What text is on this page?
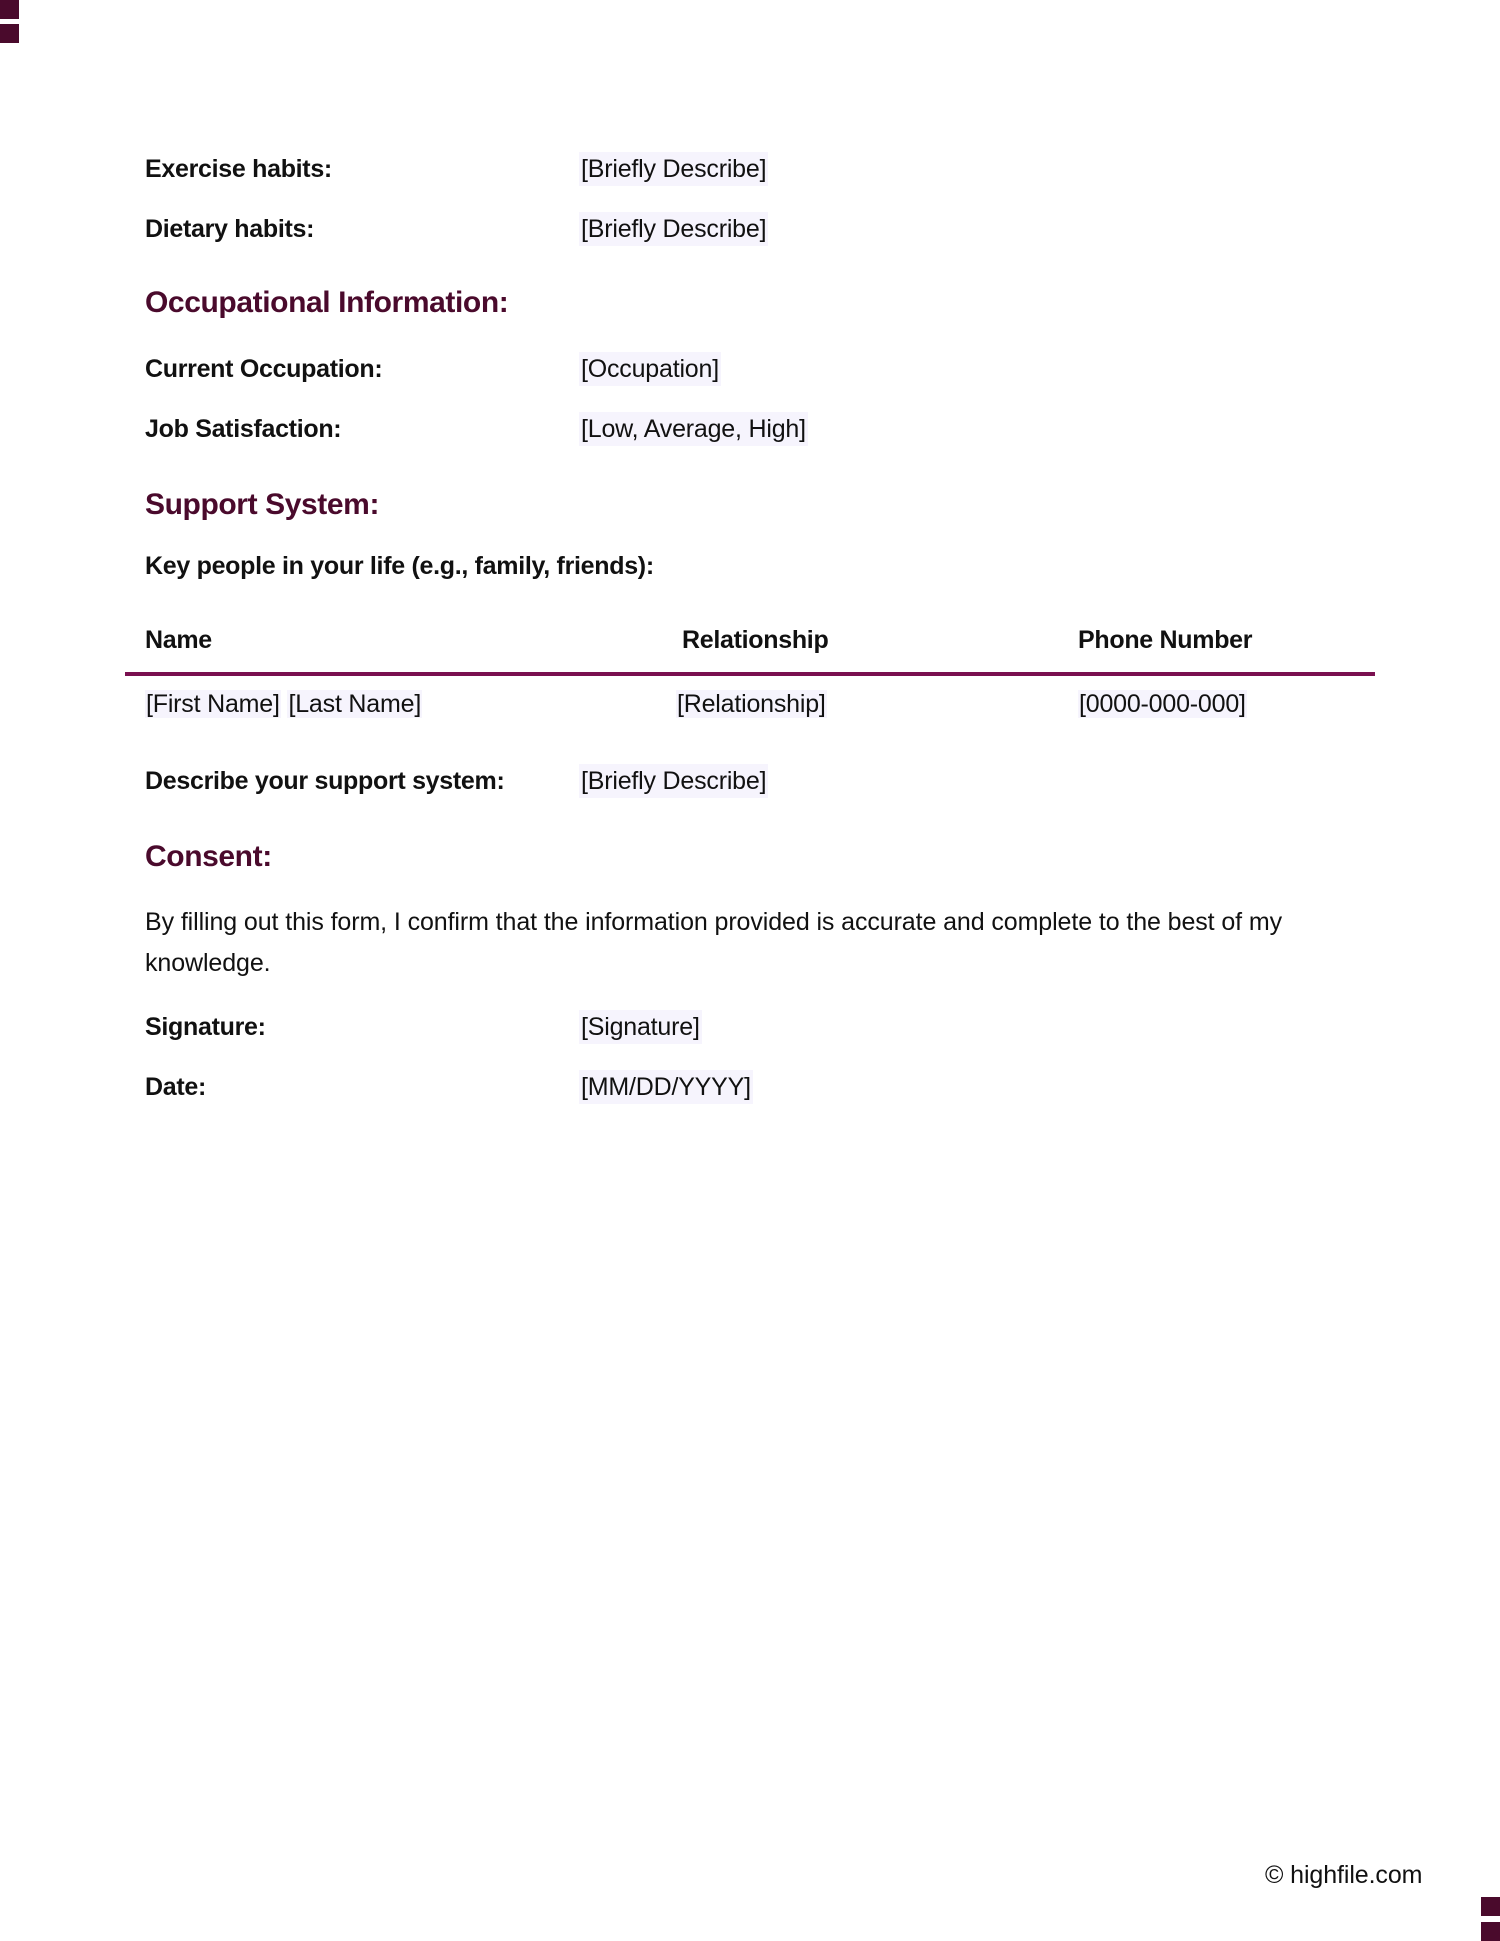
Exercise habits:	[Briefly Describe]
Dietary habits:	[Briefly Describe]
Occupational Information:
Current Occupation:	[Occupation]
Job Satisfaction:	[Low, Average, High]
Support System:
Key people in your life (e.g., family, friends):
Name	Relationship	Phone Number
[First Name] [Last Name]	[Relationship]	[0000-000-000]
Describe your support system:	[Briefly Describe]
Consent:
By filling out this form, I confirm that the information provided is accurate and complete to the best of my knowledge.
Signature:	[Signature]
Date:	[MM/DD/YYYY]
© highfile.com
